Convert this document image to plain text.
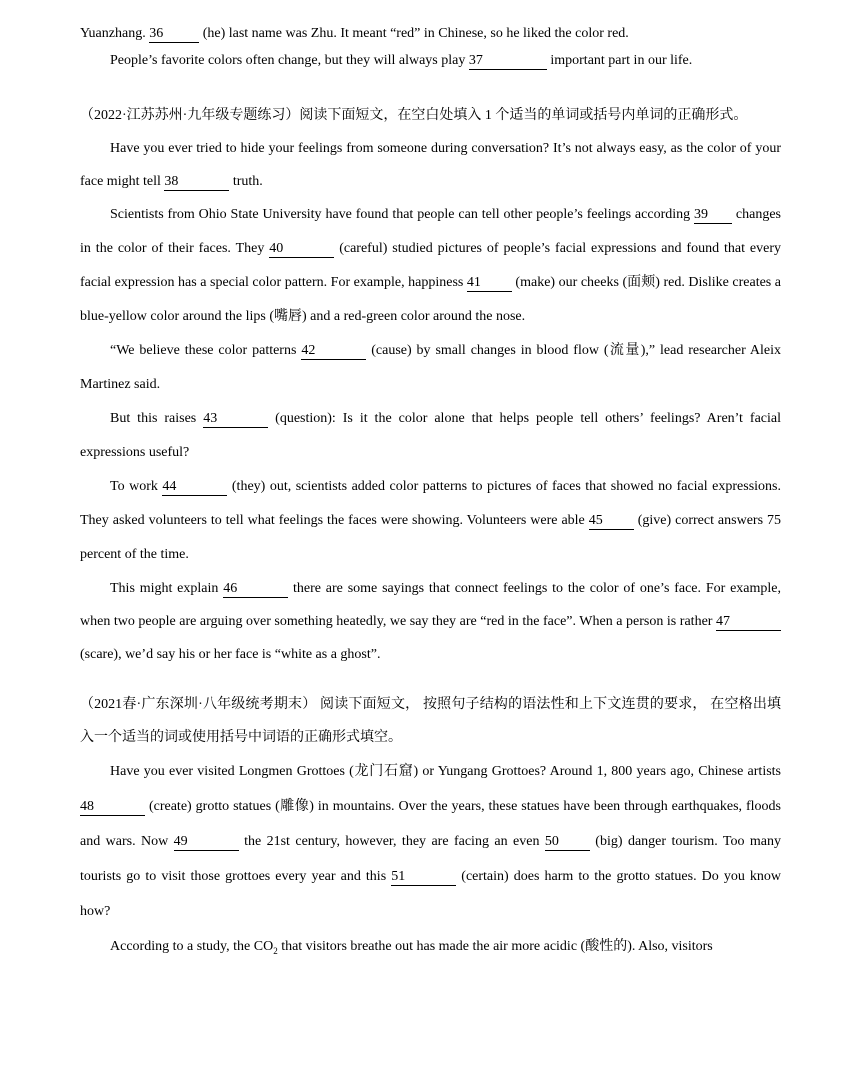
Yuanzhang. 36	(he) last name was Zhu. It meant “red” in Chinese, so he liked the color red.

People’s favorite colors often change, but they will always play 37	important part in our life.

（2022·江苏苏州·九年级专题练习）阅读下面短文，在空白处填入 1 个适当的单词或括号内单词的正确形式。

Have you ever tried to hide your feelings from someone during conversation? It’s not always easy, as the color of your face might tell 38	truth.

Scientists from Ohio State University have found that people can tell other people’s feelings according 39 changes in the color of their faces. They 40	(careful) studied pictures of people’s facial expressions and found that every facial expression has a special color pattern. For example, happiness 41 (make) our cheeks (面颊) red. Dislike creates a blue-yellow color around the lips (嘴唇) and a red-green color around the nose.

“We believe these color patterns 42	(cause) by small changes in blood flow (流量),” lead researcher Aleix Martinez said.

But this raises 43	(question): Is it the color alone that helps people tell others’ feelings? Aren’t facial expressions useful?

To work 44	(they) out, scientists added color patterns to pictures of faces that showed no facial expressions. They asked volunteers to tell what feelings the faces were showing. Volunteers were able 45 (give) correct answers 75 percent of the time.

This might explain 46	there are some sayings that connect feelings to the color of one’s face. For example, when two people are arguing over something heatedly, we say they are “red in the face”. When a person is rather 47 (scare), we’d say his or her face is “white as a ghost”.

（2021春·广东深圳·八年级统考期末） 阅读下面短文， 按照句子结构的语法性和上下文连贯的要求， 在空格出填入一个适当的词或使用括号中词语的正确形式填空。

Have you ever visited Longmen Grottoes (龙门石窟) or Yungang Grottoes? Around 1, 800 years ago, Chinese artists 48	(create) grotto statues (雕像) in mountains. Over the years, these statues have been through earthquakes, floods and wars. Now 49	the 21st century, however, they are facing an even 50 (big) danger tourism. Too many tourists go to visit those grottoes every year and this 51	(certain) does harm to the grotto statues. Do you know how?

According to a study, the $CO_2$ that visitors breathe out has made the air more acidic (酸性的). Also, visitors
